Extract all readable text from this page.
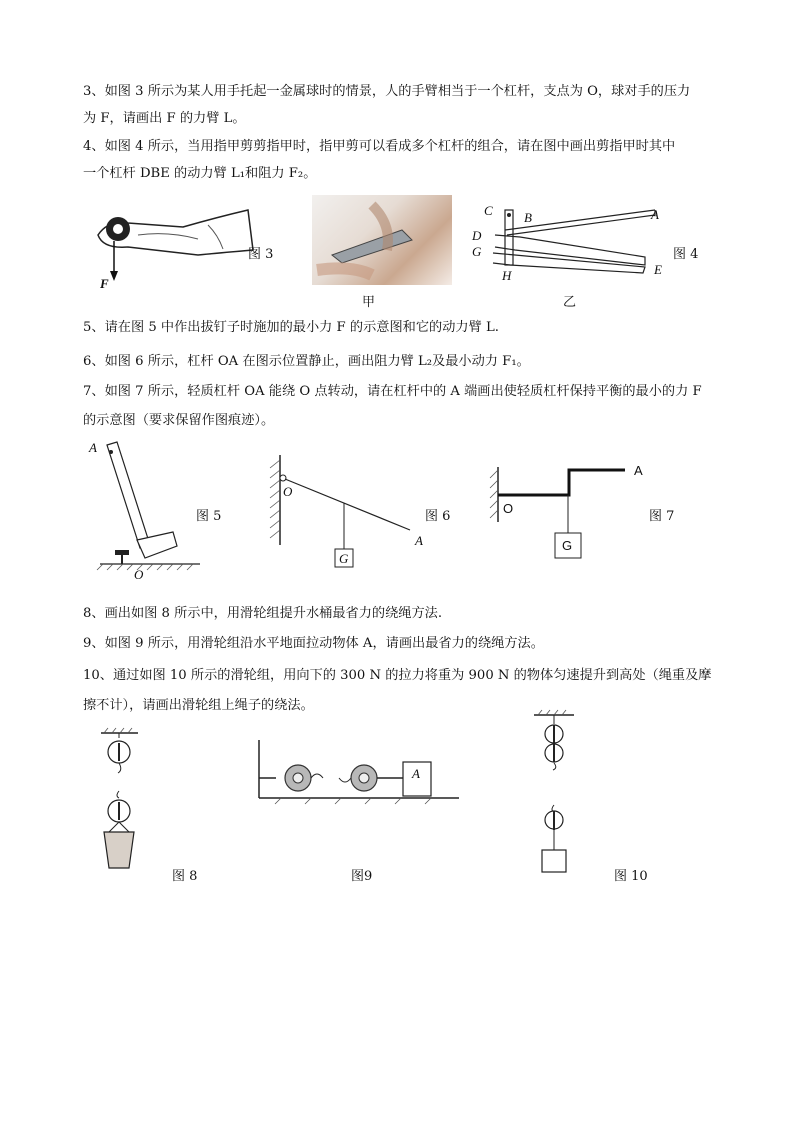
3、如图 3 所示为某人用手托起一金属球时的情景，人的手臂相当于一个杠杆，支点为 O，球对手的压力
为 F，请画出 F 的力臂 L。
4、如图 4 所示，当用指甲剪剪指甲时，指甲剪可以看成多个杠杆的组合，请在图中画出剪指甲时其中
一个杠杆 DBE 的动力臂 L₁和阻力 F₂。
F
图 3
甲
C B	A
D
G
H	E
图 4
乙
5、请在图 5 中作出拔钉子时施加的最小力 F 的示意图和它的动力臂 L.
6、如图 6 所示，杠杆 OA 在图示位置静止，画出阻力臂 L₂及最小动力 F₁。
7、如图 7 所示，轻质杠杆 OA 能绕 O 点转动，请在杠杆中的 A 端画出使轻质杠杆保持平衡的最小的力 F
的示意图（要求保留作图痕迹）。
A
O
图 5
O
A
G
图 6
O
A
G
图 7
8、画出如图 8 所示中，用滑轮组提升水桶最省力的绕绳方法.
9、如图 9 所示，用滑轮组沿水平地面拉动物体 A，请画出最省力的绕绳方法。
10、通过如图 10 所示的滑轮组，用向下的 300 N 的拉力将重为 900 N 的物体匀速提升到高处（绳重及摩
擦不计），请画出滑轮组上绳子的绕法。
图 8
A
图9	图 10
